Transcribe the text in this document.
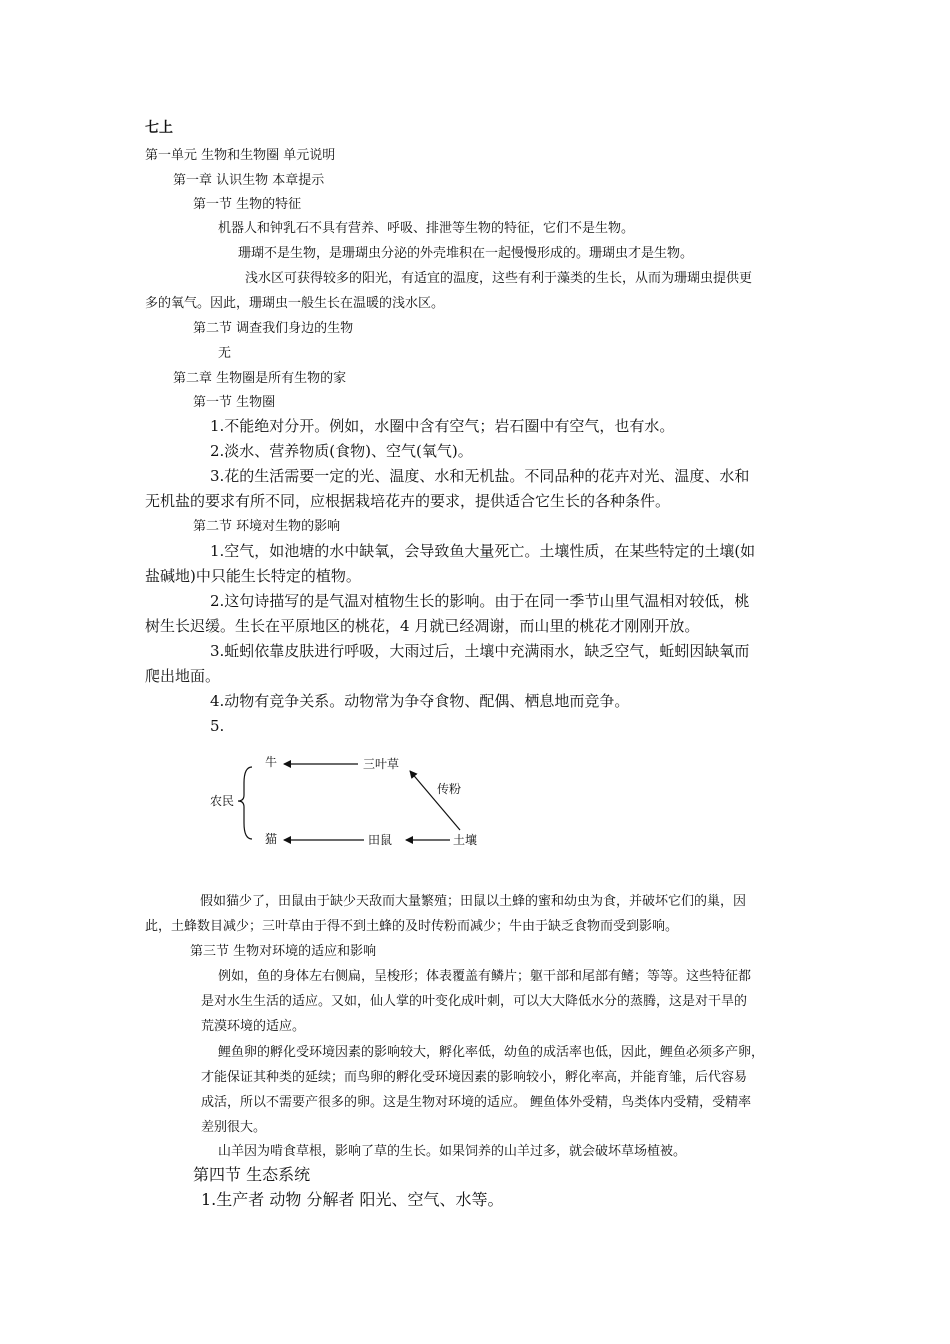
七上
第一单元 生物和生物圈 单元说明
第一章 认识生物 本章提示
第一节 生物的特征
机器人和钟乳石不具有营养、呼吸、排泄等生物的特征，它们不是生物。
珊瑚不是生物，是珊瑚虫分泌的外壳堆积在一起慢慢形成的。珊瑚虫才是生物。
浅水区可获得较多的阳光，有适宜的温度，这些有利于藻类的生长，从而为珊瑚虫提供更
多的氧气。因此，珊瑚虫一般生长在温暖的浅水区。
第二节 调查我们身边的生物
无
第二章 生物圈是所有生物的家
第一节 生物圈
1.不能绝对分开。例如，水圈中含有空气；岩石圈中有空气，也有水。
2.淡水、营养物质(食物)、空气(氧气)。
3.花的生活需要一定的光、温度、水和无机盐。不同品种的花卉对光、温度、水和
无机盐的要求有所不同，应根据栽培花卉的要求，提供适合它生长的各种条件。
第二节 环境对生物的影响
1.空气，如池塘的水中缺氧，会导致鱼大量死亡。土壤性质，在某些特定的土壤(如
盐碱地)中只能生长特定的植物。
2.这句诗描写的是气温对植物生长的影响。由于在同一季节山里气温相对较低，桃
树生长迟缓。生长在平原地区的桃花，4 月就已经凋谢，而山里的桃花才刚刚开放。
3.蚯蚓依靠皮肤进行呼吸，大雨过后，土壤中充满雨水，缺乏空气，蚯蚓因缺氧而
爬出地面。
4.动物有竞争关系。动物常为争夺食物、配偶、栖息地而竞争。
5.
牛	三叶草
传粉
农民
猫	田鼠	土壤
假如猫少了，田鼠由于缺少天敌而大量繁殖；田鼠以土蜂的蜜和幼虫为食，并破坏它们的巢，因
此，土蜂数目减少；三叶草由于得不到土蜂的及时传粉而减少；牛由于缺乏食物而受到影响。
第三节 生物对环境的适应和影响
例如，鱼的身体左右侧扁，呈梭形；体表覆盖有鳞片；躯干部和尾部有鳍；等等。这些特征都
是对水生生活的适应。又如，仙人掌的叶变化成叶刺，可以大大降低水分的蒸腾，这是对干旱的
荒漠环境的适应。
鲤鱼卵的孵化受环境因素的影响较大，孵化率低，幼鱼的成活率也低，因此，鲤鱼必须多产卵，
才能保证其种类的延续；而鸟卵的孵化受环境因素的影响较小，孵化率高，并能育雏，后代容易
成活，所以不需要产很多的卵。这是生物对环境的适应。 鲤鱼体外受精，鸟类体内受精，受精率
差别很大。
山羊因为啃食草根，影响了草的生长。如果饲养的山羊过多，就会破坏草场植被。
第四节 生态系统
1.生产者 动物 分解者 阳光、空气、水等。
